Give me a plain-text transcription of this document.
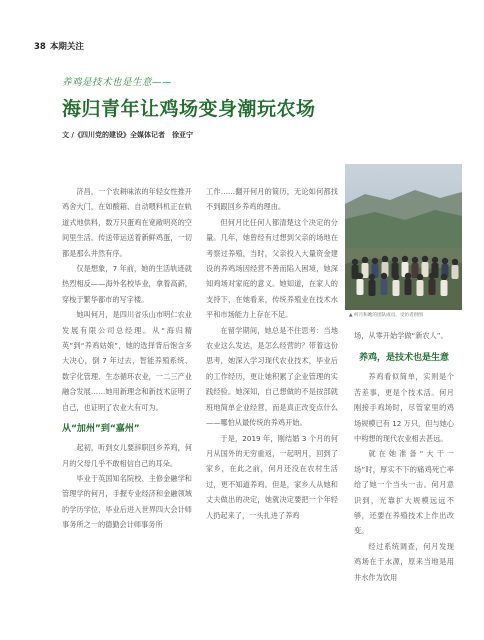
38 本期关注
养鸡是技术也是生意——
海归青年让鸡场变身潮玩农场
文 /《四川党的建设》全媒体记者　徐亚宁

济昌，一个农耕味浓的年轻女性推开鸡舍大门，在如酸箱、自动喂料机正在轨道式地供料，数万只蛋鸡在宽敞明亮的空间里生活。传送带运送着新鲜鸡蛋，一切都是那么井然有序。

仅是想象，7 年前，她的生活轨迹就热烈相反——海外名校毕业，拿着高薪，穿梭于繁华都市的写字楼。

她叫何月，是四川省乐山市明仁农业发展有限公司总经理。从“海归精英”到“养鸡姑娘”，她的选择背后饱含多大决心，倒 7 年过去，智能养殖系统、数字化管理、生态循环农业，一二三产业融合发展……她用新理念和新技术证明了自己，也证明了农业大有可为。

从“加州”到“嘉州”

起初，听到女儿要辞职回乡养鸡，何月的父母几乎不敢相信自己的耳朵。

毕业于英国知名院校、主修金融学和管理学的何月，手握专业经济和金融领域的学历学位，毕业后进入世界四大会计师事务所之一的德勤会计师事务所

工作……翻开何月的简历，无论如何都找不到跟回乡养鸡的理由。

但何月比任何人都清楚这个决定的分量。几年，她曾经有过想到父亲的场地在考察过养殖，当时，父亲投入大量资金建设的养鸡场因经营不善而陷入困境，她深知鸡场对家庭的意义。她知道，在家人的支持下，在她看来，传统养殖业在技术水平和市场能力上存在不足。

在留学期间，她总是不住思考：当地农业这么发达，是怎么经营的？带着这份思考，她深入学习现代农业技术，毕业后的工作经历，更让她积累了企业管理的实践经验。她深知，自己想做的不是按部就班地简单企业经营，而是真正改变点什么——哪怕从最传统的养鸡开始。

于是，2019 年，刚结婚 3 个月的何月从国外的无穷重返，一起明月，回到了家乡，在此之前，何月还没在农村生活过，更不知道养鸡。但是，家乡人从她和丈夫做出的决定，她就决定要把一个年轻人扔起来了，一头扎进了养鸡

▲ 何月和她的团队成员。受访者供图

场，从零开始学做“新农人”。

养鸡，是技术也是生意

养鸡看似简单，实则是个苦差事，更是个技术活。何月刚接手鸡场时，尽管家里的鸡场规模已有 12 万只，但与她心中构想的现代农业相去甚远。

就在她准备“大干一场”时，厚实不下的痛鸡死亡率给了她一个当头一击。何月意识到，光靠扩大规模远远不够，还要在养殖技术上作出改变。

经过系统调查，何月发现鸡场在于水源，原来当地是用井水作为饮用
